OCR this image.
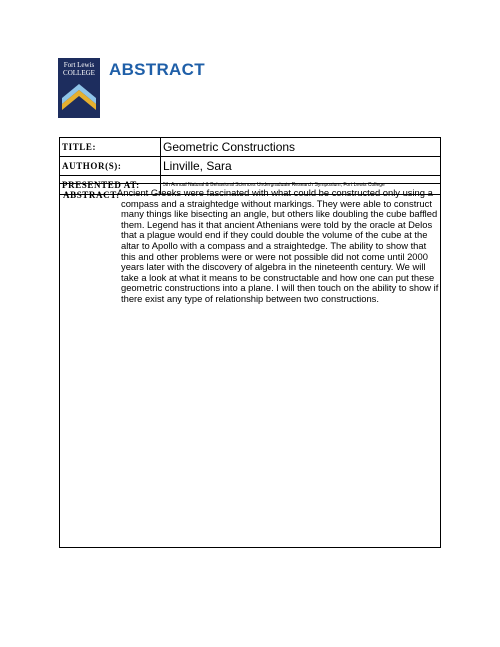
Fort Lewis
COLLEGE ABSTRACT
TITLE:	Geometric Constructions
AUTHOR(S):	Linville, Sara
PRESENTED AT:	5th Annual Natural & Behavioral Sciences Undergraduate Research Symposium, Fort Lewis College
ABSTRACT:
Ancient Greeks were fascinated with what could be constructed only using a compass and a straightedge without markings. They were able to construct many things like bisecting an angle, but others like doubling the cube baffled them. Legend has it that ancient Athenians were told by the oracle at Delos that a plague would end if they could double the volume of the cube at the altar to Apollo with a compass and a straightedge. The ability to show that this and other problems were or were not possible did not come until 2000 years later with the discovery of algebra in the nineteenth century. We will take a look at what it means to be constructable and how one can put these geometric constructions into a plane. I will then touch on the ability to show if there exist any type of relationship between two constructions.
